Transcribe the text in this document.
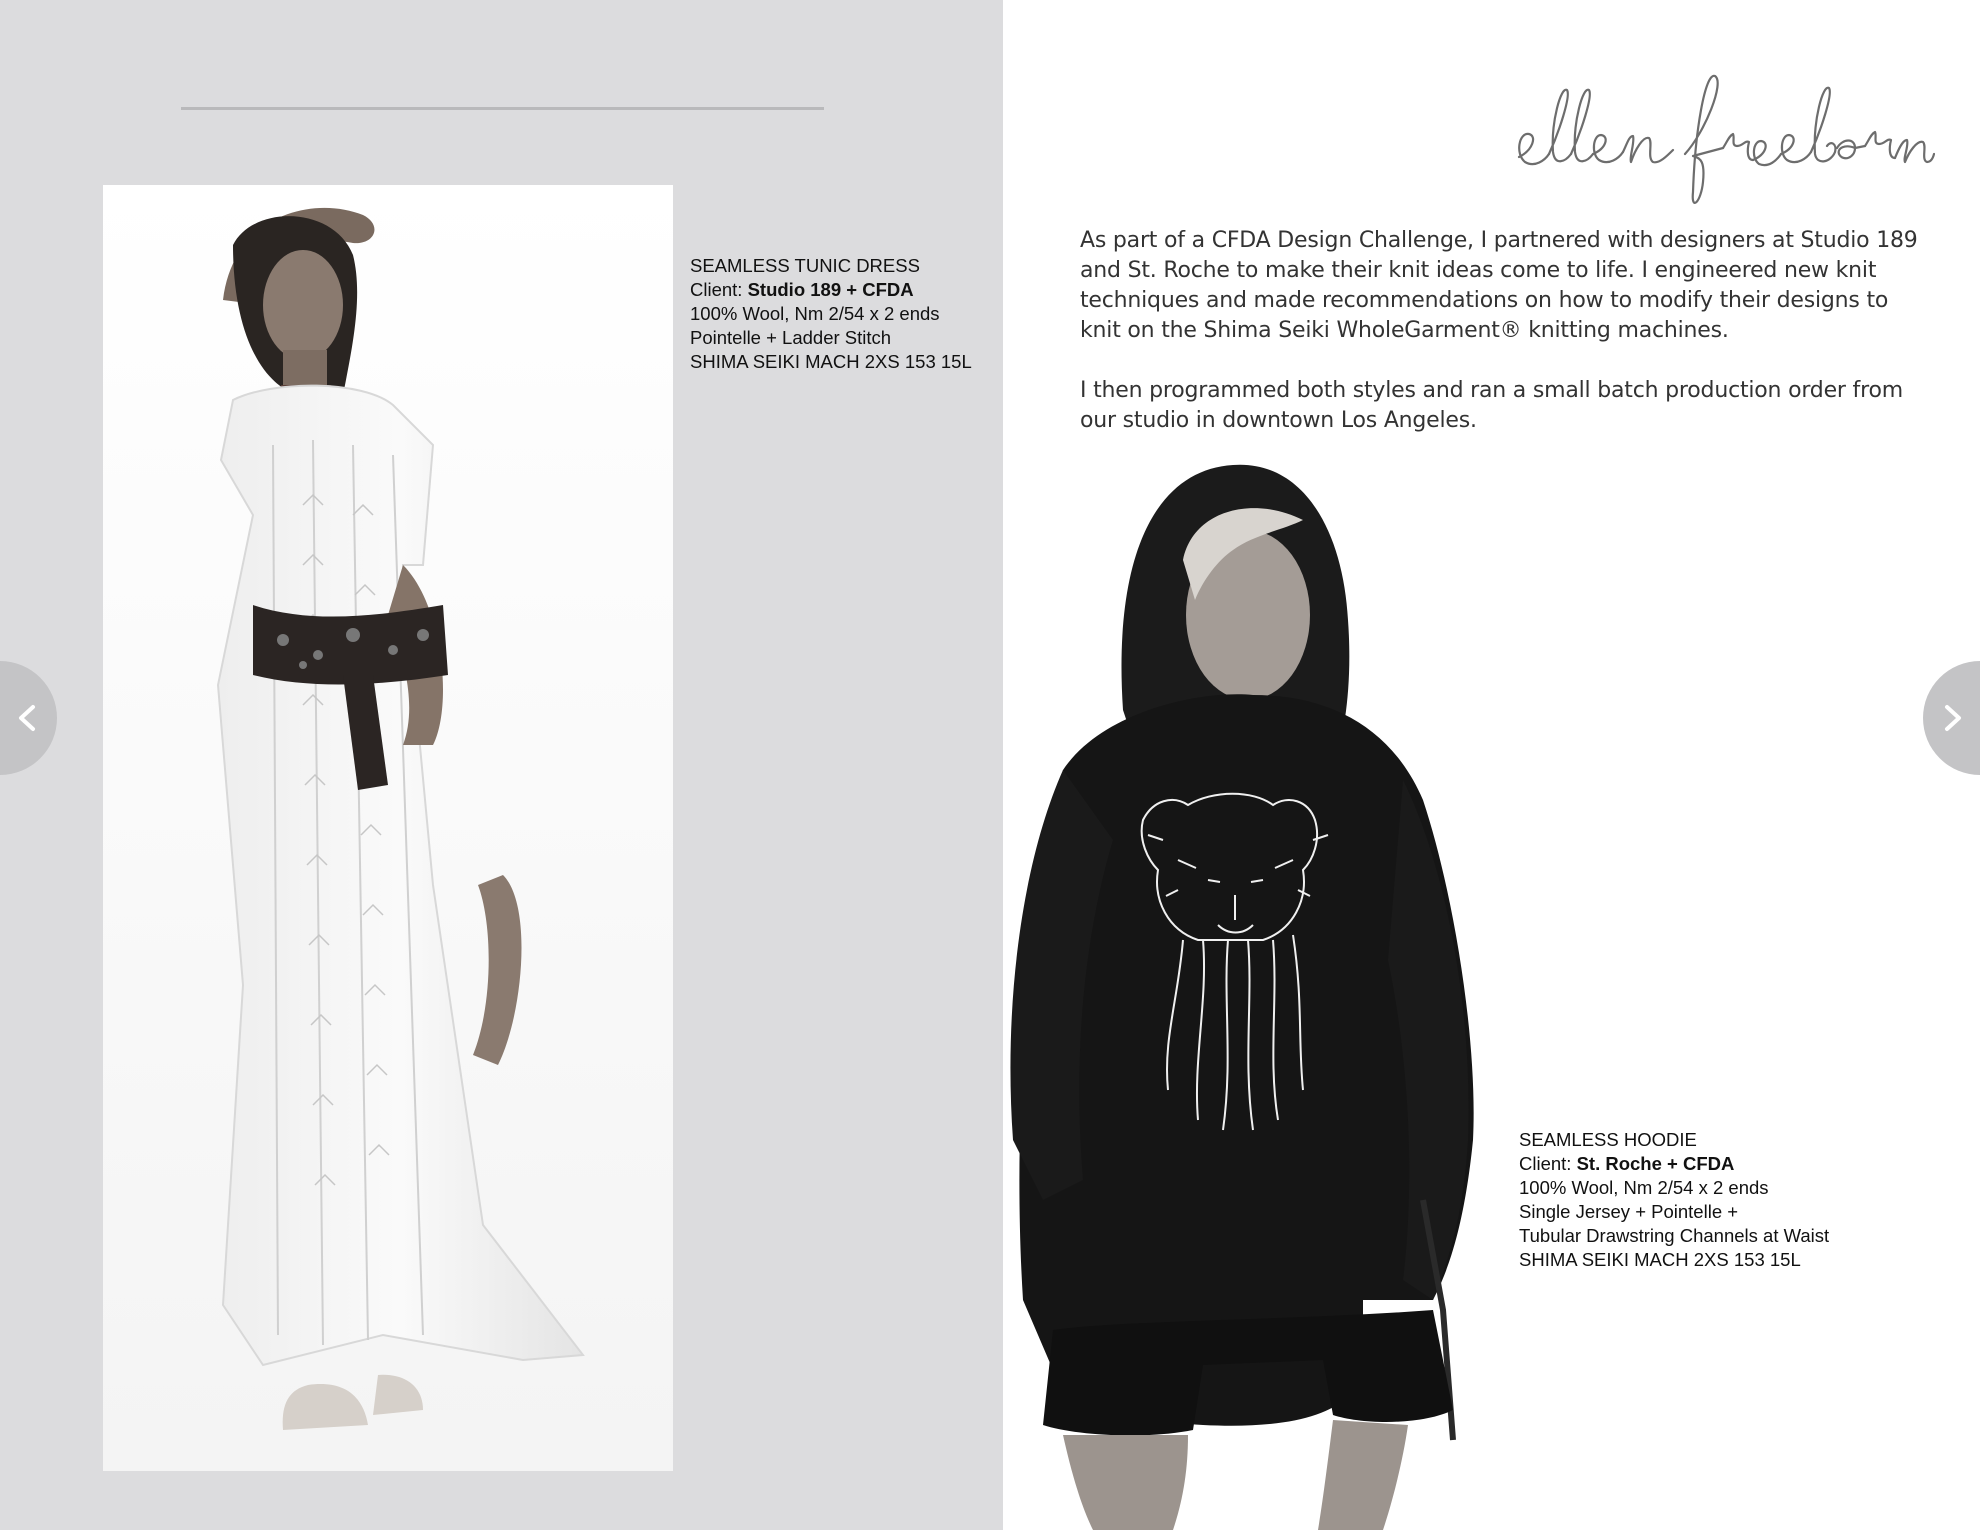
SEAMLESS TUNIC DRESS
Client: Studio 189 + CFDA
100% Wool, Nm 2/54 x 2 ends
Pointelle + Ladder Stitch
SHIMA SEIKI MACH 2XS 153 15L

As part of a CFDA Design Challenge, I partnered with designers at Studio 189 and St. Roche to make their knit ideas come to life. I engineered new knit techniques and made recommendations on how to modify their designs to knit on the Shima Seiki WholeGarment® knitting machines.

I then programmed both styles and ran a small batch production order from our studio in downtown Los Angeles.

SEAMLESS HOODIE
Client: St. Roche + CFDA
100% Wool, Nm 2/54 x 2 ends
Single Jersey + Pointelle +
Tubular Drawstring Channels at Waist
SHIMA SEIKI MACH 2XS 153 15L
